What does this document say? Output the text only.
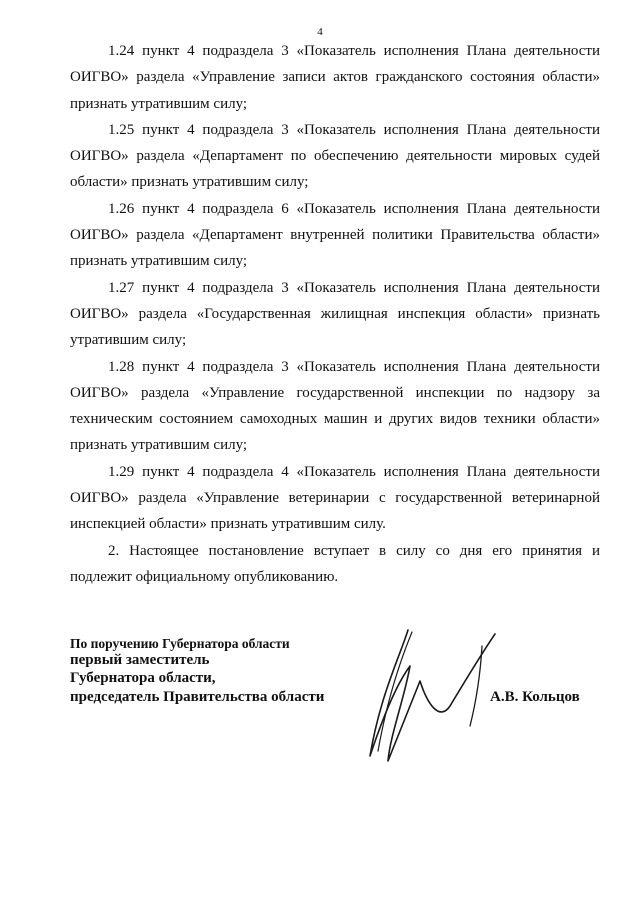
4

1.24 пункт 4 подраздела 3 «Показатель исполнения Плана деятельности ОИГВО» раздела «Управление записи актов гражданского состояния области» признать утратившим силу;

1.25 пункт 4 подраздела 3 «Показатель исполнения Плана деятельности ОИГВО» раздела «Департамент по обеспечению деятельности мировых судей области» признать утратившим силу;

1.26 пункт 4 подраздела 6 «Показатель исполнения Плана деятельности ОИГВО» раздела «Департамент внутренней политики Правительства области» признать утратившим силу;

1.27 пункт 4 подраздела 3 «Показатель исполнения Плана деятельности ОИГВО» раздела «Государственная жилищная инспекция области» признать утратившим силу;

1.28 пункт 4 подраздела 3 «Показатель исполнения Плана деятельности ОИГВО» раздела «Управление государственной инспекции по надзору за техническим состоянием самоходных машин и других видов техники области» признать утратившим силу;

1.29 пункт 4 подраздела 4 «Показатель исполнения Плана деятельности ОИГВО» раздела «Управление ветеринарии с государственной ветеринарной инспекцией области» признать утратившим силу.

2. Настоящее постановление вступает в силу со дня его принятия и подлежит официальному опубликованию.

По поручению Губернатора области
первый заместитель
Губернатора области,
председатель Правительства области	А.В. Кольцов
